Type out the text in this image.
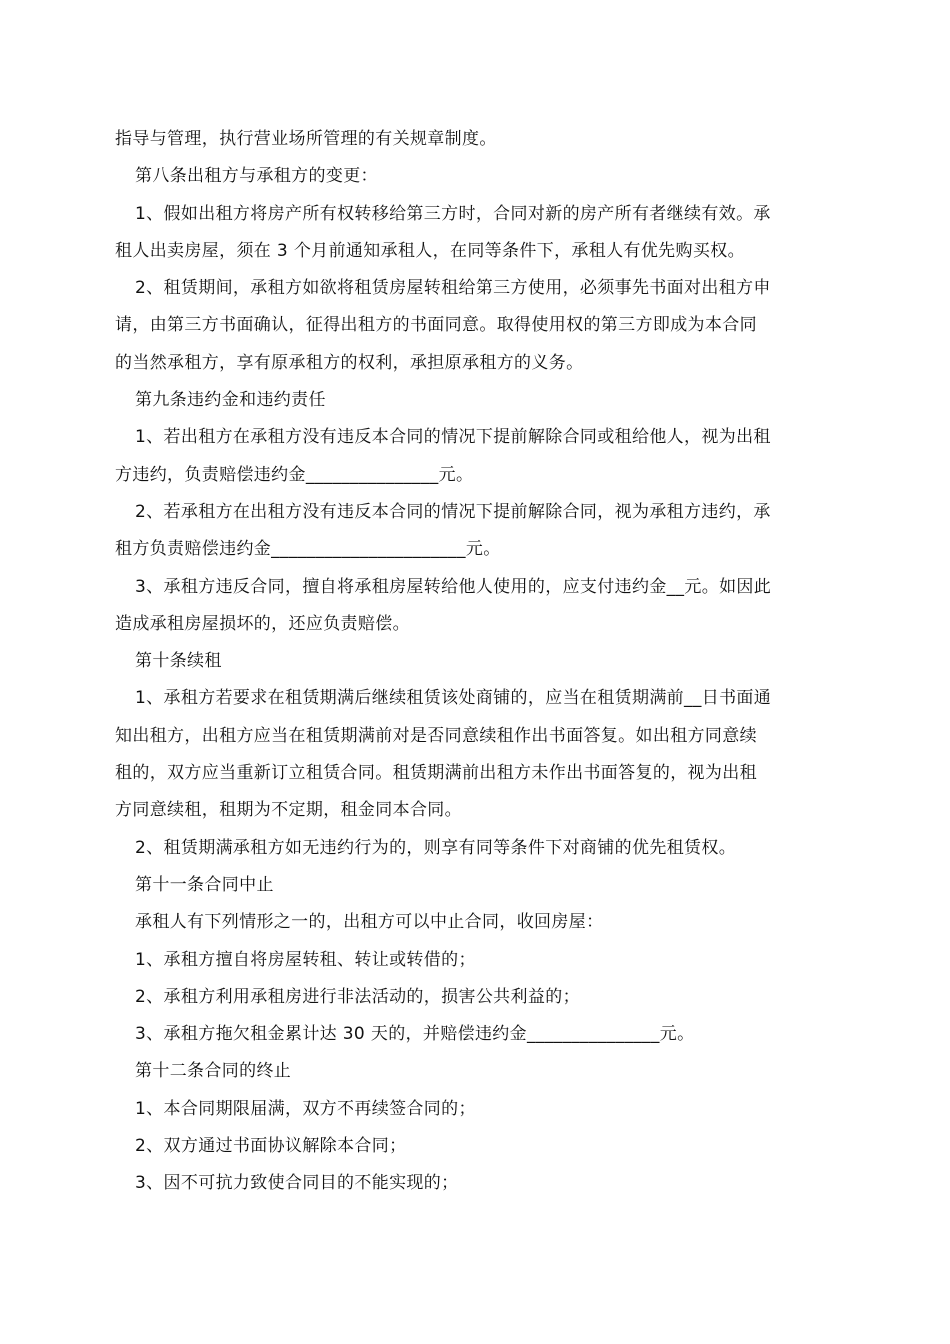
指导与管理，执行营业场所管理的有关规章制度。
第八条出租方与承租方的变更：
1、假如出租方将房产所有权转移给第三方时，合同对新的房产所有者继续有效。承
租人出卖房屋，须在 3 个月前通知承租人，在同等条件下，承租人有优先购买权。
2、租赁期间，承租方如欲将租赁房屋转租给第三方使用，必须事先书面对出租方申
请，由第三方书面确认，征得出租方的书面同意。取得使用权的第三方即成为本合同
的当然承租方，享有原承租方的权利，承担原承租方的义务。
第九条违约金和违约责任
1、若出租方在承租方没有违反本合同的情况下提前解除合同或租给他人，视为出租
方违约，负责赔偿违约金_______________元。
2、若承租方在出租方没有违反本合同的情况下提前解除合同，视为承租方违约，承
租方负责赔偿违约金______________________元。
3、承租方违反合同，擅自将承租房屋转给他人使用的，应支付违约金__元。如因此
造成承租房屋损坏的，还应负责赔偿。
第十条续租
1、承租方若要求在租赁期满后继续租赁该处商铺的，应当在租赁期满前__日书面通
知出租方，出租方应当在租赁期满前对是否同意续租作出书面答复。如出租方同意续
租的，双方应当重新订立租赁合同。租赁期满前出租方未作出书面答复的，视为出租
方同意续租，租期为不定期，租金同本合同。
2、租赁期满承租方如无违约行为的，则享有同等条件下对商铺的优先租赁权。
第十一条合同中止
承租人有下列情形之一的，出租方可以中止合同，收回房屋：
1、承租方擅自将房屋转租、转让或转借的；
2、承租方利用承租房进行非法活动的，损害公共利益的；
3、承租方拖欠租金累计达 30 天的，并赔偿违约金_______________元。
第十二条合同的终止
1、本合同期限届满，双方不再续签合同的；
2、双方通过书面协议解除本合同；
3、因不可抗力致使合同目的不能实现的；
